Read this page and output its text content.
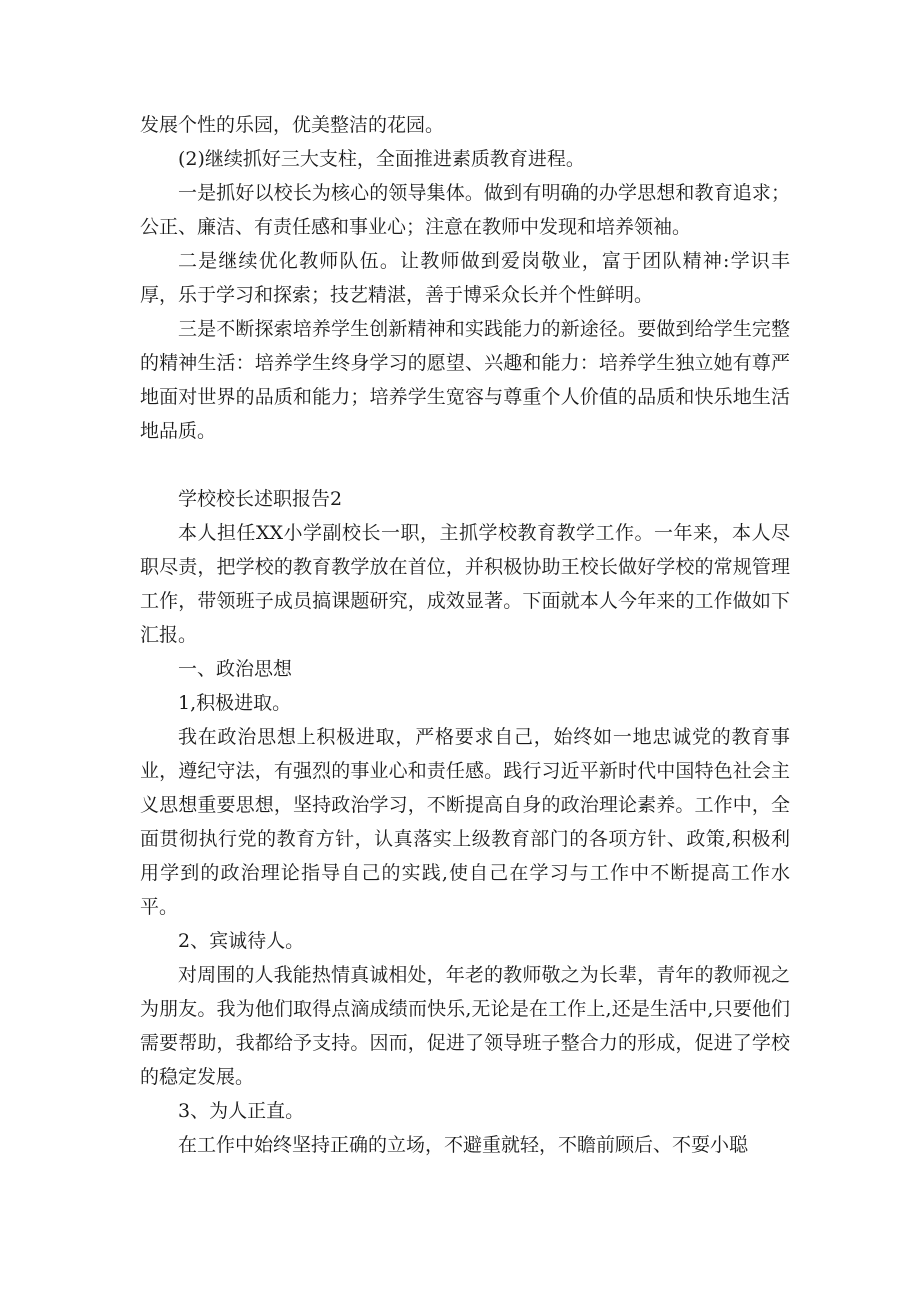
发展个性的乐园，优美整洁的花园。

(2)继续抓好三大支柱，全面推进素质教育进程。

一是抓好以校长为核心的领导集体。做到有明确的办学思想和教育追求；公正、廉洁、有责任感和事业心；注意在教师中发现和培养领袖。

二是继续优化教师队伍。让教师做到爱岗敬业，富于团队精神:学识丰厚，乐于学习和探索；技艺精湛，善于博采众长并个性鲜明。

三是不断探索培养学生创新精神和实践能力的新途径。要做到给学生完整的精神生活：培养学生终身学习的愿望、兴趣和能力：培养学生独立她有尊严地面对世界的品质和能力；培养学生宽容与尊重个人价值的品质和快乐地生活地品质。

学校校长述职报告2

本人担任XX小学副校长一职，主抓学校教育教学工作。一年来，本人尽职尽责，把学校的教育教学放在首位，并积极协助王校长做好学校的常规管理工作，带领班子成员搞课题研究，成效显著。下面就本人今年来的工作做如下汇报。

一、政治思想

1,积极进取。

我在政治思想上积极进取，严格要求自己，始终如一地忠诚党的教育事业，遵纪守法，有强烈的事业心和责任感。践行习近平新时代中国特色社会主义思想重要思想，坚持政治学习，不断提高自身的政治理论素养。工作中，全面贯彻执行党的教育方针，认真落实上级教育部门的各项方针、政策,积极利用学到的政治理论指导自己的实践,使自己在学习与工作中不断提高工作水平。

2、宾诚待人。

对周围的人我能热情真诚相处，年老的教师敬之为长辈，青年的教师视之为朋友。我为他们取得点滴成绩而快乐,无论是在工作上,还是生活中,只要他们需要帮助，我都给予支持。因而，促进了领导班子整合力的形成，促进了学校的稳定发展。

3、为人正直。

在工作中始终坚持正确的立场，不避重就轻，不瞻前顾后、不耍小聪
